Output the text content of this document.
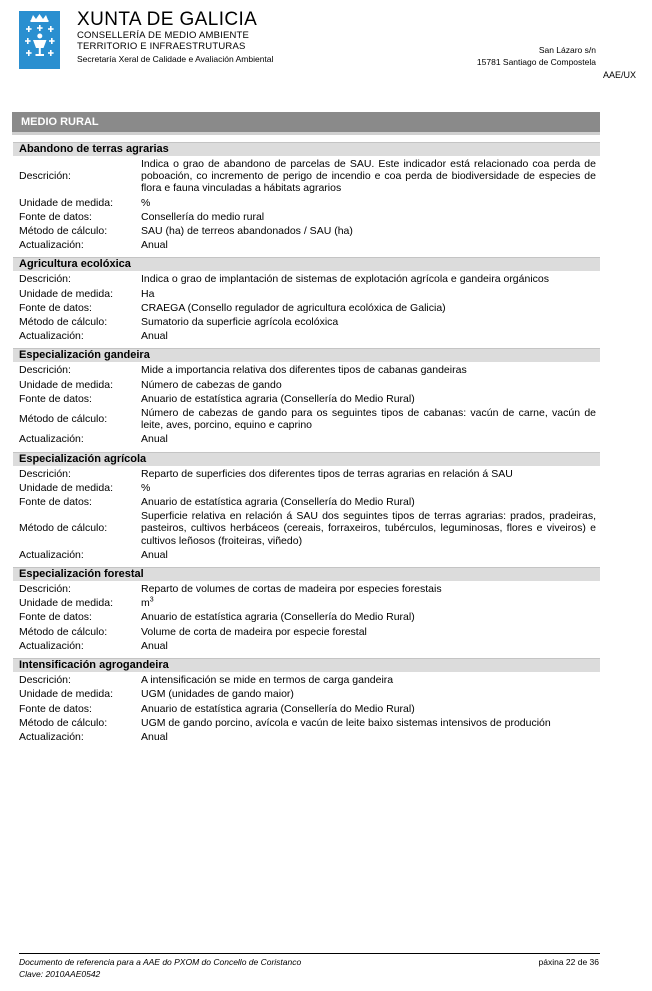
XUNTA DE GALICIA
CONSELLERÍA DE MEDIO AMBIENTE
TERRITORIO E INFRAESTRUTURAS
Secretaría Xeral de Calidade e Avaliación Ambiental
San Lázaro s/n
15781 Santiago de Compostela
AAE/UX
MEDIO RURAL
Abandono de terras agrarias
Descrición:
Indica o grao de abandono de parcelas de SAU. Este indicador está relacionado coa perda de poboación, co incremento de perigo de incendio e coa perda de biodiversidade de especies de flora e fauna vinculadas a hábitats agrarios
Unidade de medida:	%
Fonte de datos:	Consellería do medio rural
Método de cálculo:	SAU (ha) de terreos abandonados / SAU (ha)
Actualización:	Anual
Agricultura ecolóxica
Descrición:	Indica o grao de implantación de sistemas de explotación agrícola e gandeira orgánicos
Unidade de medida:	Ha
Fonte de datos:	CRAEGA (Consello regulador de agricultura ecolóxica de Galicia)
Método de cálculo:	Sumatorio da superficie agrícola ecolóxica
Actualización:	Anual
Especialización gandeira
Descrición:	Mide a importancia relativa dos diferentes tipos de cabanas gandeiras
Unidade de medida:	Número de cabezas de gando
Fonte de datos:	Anuario de estatística agraria (Consellería do Medio Rural)
Método de cálculo:
Número de cabezas de gando para os seguintes tipos de cabanas: vacún de carne, vacún de leite, aves, porcino, equino e caprino
Actualización:	Anual
Especialización agrícola
Descrición:	Reparto de superficies dos diferentes tipos de terras agrarias en relación á SAU
Unidade de medida:	%
Fonte de datos:	Anuario de estatística agraria (Consellería do Medio Rural)
Método de cálculo:
Superficie relativa en relación á SAU dos seguintes tipos de terras agrarias: prados, pradeiras, pasteiros, cultivos herbáceos (cereais, forraxeiros, tubérculos, leguminosas, flores e viveiros) e cultivos leñosos (froiteiras, viñedo)
Actualización:	Anual
Especialización forestal
Descrición:	Reparto de volumes de cortas de madeira por especies forestais
Unidade de medida:	$m^3$
Fonte de datos:	Anuario de estatística agraria (Consellería do Medio Rural)
Método de cálculo:	Volume de corta de madeira por especie forestal
Actualización:	Anual
Intensificación agrogandeira
Descrición:	A intensificación se mide en termos de carga gandeira
Unidade de medida:	UGM (unidades de gando maior)
Fonte de datos:	Anuario de estatística agraria (Consellería do Medio Rural)
Método de cálculo:	UGM de gando porcino, avícola e vacún de leite baixo sistemas intensivos de produción
Actualización:	Anual
Documento de referencia para a AAE do PXOM do Concello de Coristanco
Clave: 2010AAE0542
páxina 22 de 36
